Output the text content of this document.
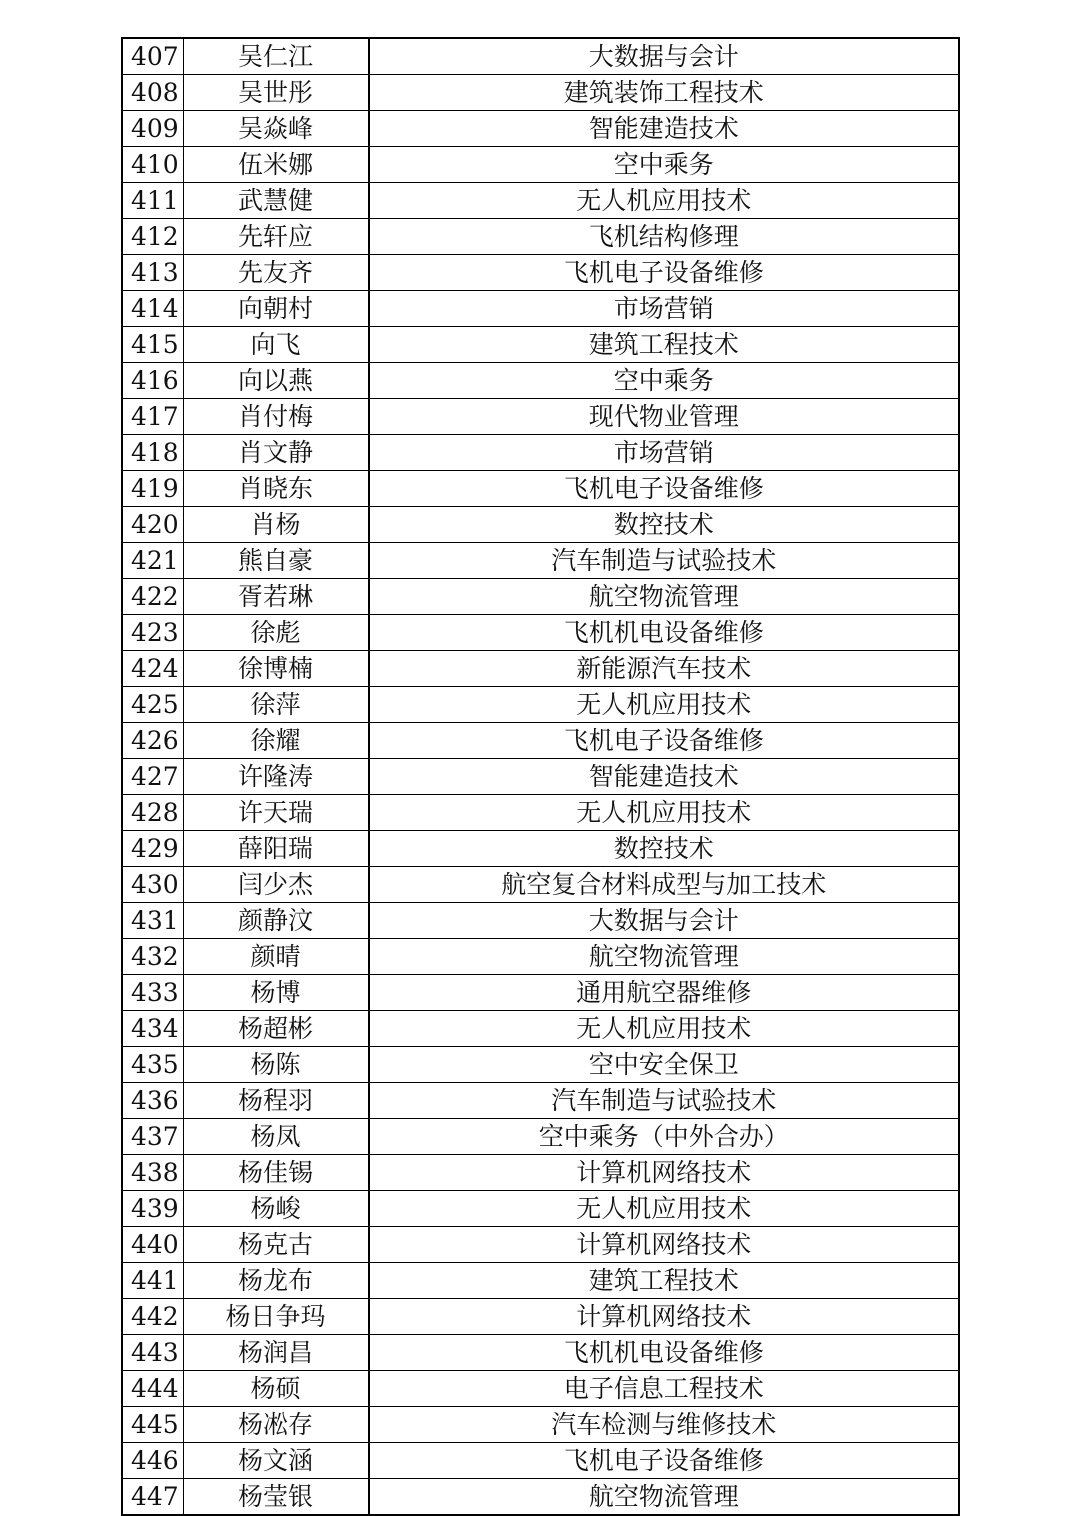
407	吴仁江	大数据与会计
408	吴世彤	建筑装饰工程技术
409	吴焱峰	智能建造技术
410	伍米娜	空中乘务
411	武慧健	无人机应用技术
412	先轩应	飞机结构修理
413	先友齐	飞机电子设备维修
414	向朝村	市场营销
415	向飞	建筑工程技术
416	向以燕	空中乘务
417	肖付梅	现代物业管理
418	肖文静	市场营销
419	肖晓东	飞机电子设备维修
420	肖杨	数控技术
421	熊自豪	汽车制造与试验技术
422	胥若琳	航空物流管理
423	徐彪	飞机机电设备维修
424	徐博楠	新能源汽车技术
425	徐萍	无人机应用技术
426	徐耀	飞机电子设备维修
427	许隆涛	智能建造技术
428	许天瑞	无人机应用技术
429	薛阳瑞	数控技术
430	闫少杰	航空复合材料成型与加工技术
431	颜静汶	大数据与会计
432	颜晴	航空物流管理
433	杨博	通用航空器维修
434	杨超彬	无人机应用技术
435	杨陈	空中安全保卫
436	杨程羽	汽车制造与试验技术
437	杨凤	空中乘务（中外合办）
438	杨佳锡	计算机网络技术
439	杨峻	无人机应用技术
440	杨克古	计算机网络技术
441	杨龙布	建筑工程技术
442	杨日争玛	计算机网络技术
443	杨润昌	飞机机电设备维修
444	杨硕	电子信息工程技术
445	杨凇存	汽车检测与维修技术
446	杨文涵	飞机电子设备维修
447	杨莹银	航空物流管理
